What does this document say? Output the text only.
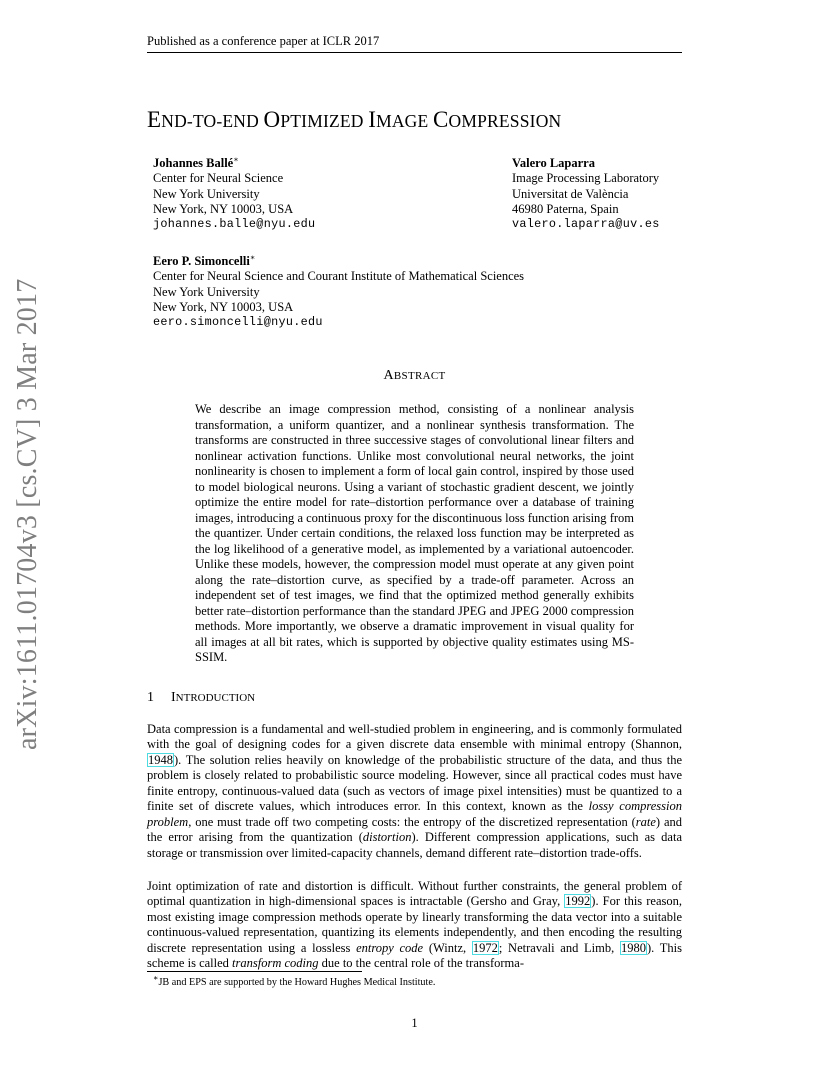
arXiv:1611.01704v3 [cs.CV] 3 Mar 2017
Published as a conference paper at ICLR 2017
END-TO-END OPTIMIZED IMAGE COMPRESSION
Johannes Ballé∗
Center for Neural Science
New York University
New York, NY 10003, USA
johannes.balle@nyu.edu
Valero Laparra
Image Processing Laboratory
Universitat de València
46980 Paterna, Spain
valero.laparra@uv.es
Eero P. Simoncelli∗
Center for Neural Science and Courant Institute of Mathematical Sciences
New York University
New York, NY 10003, USA
eero.simoncelli@nyu.edu
ABSTRACT
We describe an image compression method, consisting of a nonlinear analysis transformation, a uniform quantizer, and a nonlinear synthesis transformation. The transforms are constructed in three successive stages of convolutional linear filters and nonlinear activation functions. Unlike most convolutional neural networks, the joint nonlinearity is chosen to implement a form of local gain control, inspired by those used to model biological neurons. Using a variant of stochastic gradient descent, we jointly optimize the entire model for rate–distortion performance over a database of training images, introducing a continuous proxy for the discontinuous loss function arising from the quantizer. Under certain conditions, the relaxed loss function may be interpreted as the log likelihood of a generative model, as implemented by a variational autoencoder. Unlike these models, however, the compression model must operate at any given point along the rate–distortion curve, as specified by a trade-off parameter. Across an independent set of test images, we find that the optimized method generally exhibits better rate–distortion performance than the standard JPEG and JPEG 2000 compression methods. More importantly, we observe a dramatic improvement in visual quality for all images at all bit rates, which is supported by objective quality estimates using MS-SSIM.
1 INTRODUCTION
Data compression is a fundamental and well-studied problem in engineering, and is commonly formulated with the goal of designing codes for a given discrete data ensemble with minimal entropy (Shannon, 1948). The solution relies heavily on knowledge of the probabilistic structure of the data, and thus the problem is closely related to probabilistic source modeling. However, since all practical codes must have finite entropy, continuous-valued data (such as vectors of image pixel intensities) must be quantized to a finite set of discrete values, which introduces error. In this context, known as the lossy compression problem, one must trade off two competing costs: the entropy of the discretized representation (rate) and the error arising from the quantization (distortion). Different compression applications, such as data storage or transmission over limited-capacity channels, demand different rate–distortion trade-offs.
Joint optimization of rate and distortion is difficult. Without further constraints, the general problem of optimal quantization in high-dimensional spaces is intractable (Gersho and Gray, 1992). For this reason, most existing image compression methods operate by linearly transforming the data vector into a suitable continuous-valued representation, quantizing its elements independently, and then encoding the resulting discrete representation using a lossless entropy code (Wintz, 1972; Netravali and Limb, 1980). This scheme is called transform coding due to the central role of the transforma-
∗JB and EPS are supported by the Howard Hughes Medical Institute.
1
